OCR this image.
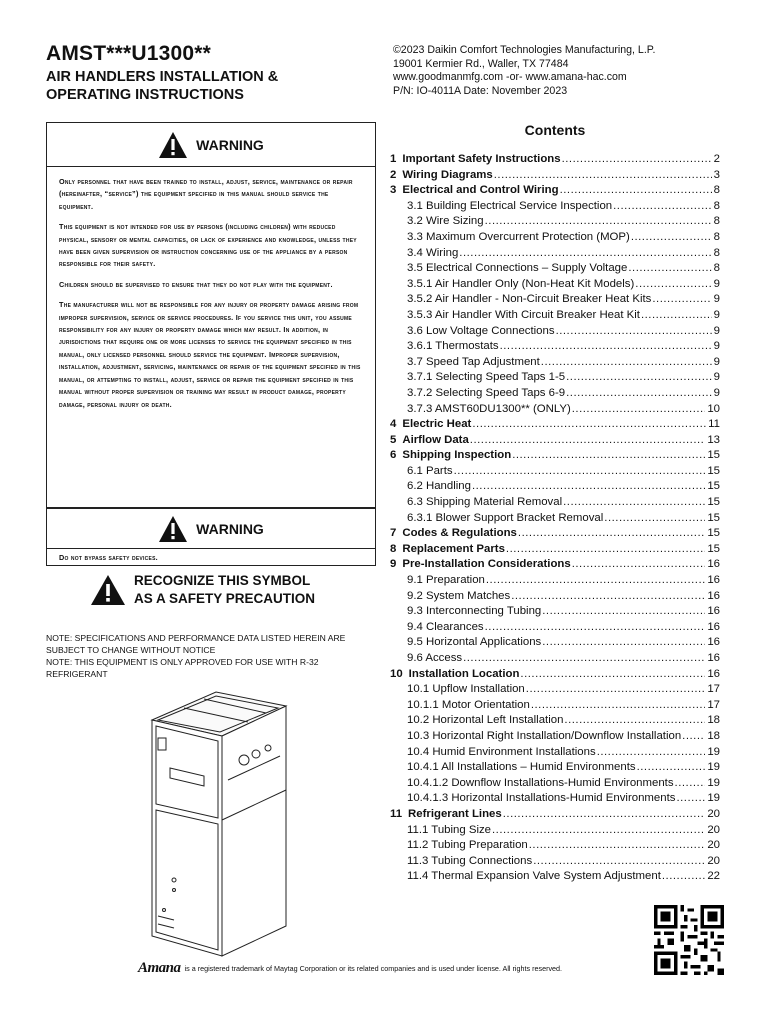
AMST***U1300**
AIR HANDLERS INSTALLATION &
OPERATING INSTRUCTIONS
©2023 Daikin Comfort Technologies Manufacturing, L.P.
19001 Kermier Rd., Waller, TX 77484
www.goodmanmfg.com -or- www.amana-hac.com
P/N: IO-4011A Date: November 2023
WARNING

Only personnel that have been trained to install, adjust, service, maintenance or repair (hereinafter, “service”) the equipment specified in this manual should service the equipment.

This equipment is not intended for use by persons (including children) with reduced physical, sensory or mental capacities, or lack of experience and knowledge, unless they have been given supervision or instruction concerning use of the appliance by a person responsible for their safety.

Children should be supervised to ensure that they do not play with the equipment.

The manufacturer will not be responsible for any injury or property damage arising from improper supervision, service or service procedures. If you service this unit, you assume responsibility for any injury or property damage which may result. In addition, in jurisdictions that require one or more licenses to service the equipment specified in this manual, only licensed personnel should service the equipment. Improper supervision, installation, adjustment, servicing, maintenance or repair of the equipment specified in this manual, or attempting to install, adjust, service or repair the equipment specified in this manual without proper supervision or training may result in product damage, property damage, personal injury or death.

WARNING

Do not bypass safety devices.

RECOGNIZE THIS SYMBOL
AS A SAFETY PRECAUTION
NOTE: SPECIFICATIONS AND PERFORMANCE DATA LISTED HEREIN ARE SUBJECT TO CHANGE WITHOUT NOTICE
NOTE: THIS EQUIPMENT IS ONLY APPROVED FOR USE WITH R-32 REFRIGERANT
Amana is a registered trademark of Maytag Corporation or its related companies and is used under license. All rights reserved.
Contents
1 Important Safety Instructions .....	2
2 Wiring Diagrams .....	3
3 Electrical and Control Wiring .....	8
3.1 Building Electrical Service Inspection .....	8
3.2 Wire Sizing .....	8
3.3 Maximum Overcurrent Protection (MOP) .....	8
3.4 Wiring .....	8
3.5 Electrical Connections – Supply Voltage .....	8
3.5.1 Air Handler Only (Non-Heat Kit Models) .....	9
3.5.2 Air Handler - Non-Circuit Breaker Heat Kits .....	9
3.5.3 Air Handler With Circuit Breaker Heat Kit .....	9
3.6 Low Voltage Connections .....	9
3.6.1 Thermostats .....	9
3.7 Speed Tap Adjustment .....	9
3.7.1 Selecting Speed Taps 1-5 .....	9
3.7.2 Selecting Speed Taps 6-9 .....	9
3.7.3 AMST60DU1300** (ONLY) .....	10
4 Electric Heat .....	11
5 Airflow Data .....	13
6 Shipping Inspection .....	15
6.1 Parts .....	15
6.2 Handling .....	15
6.3 Shipping Material Removal .....	15
6.3.1 Blower Support Bracket Removal .....	15
7 Codes & Regulations .....	15
8 Replacement Parts .....	15
9 Pre-Installation Considerations .....	16
9.1 Preparation .....	16
9.2 System Matches .....	16
9.3 Interconnecting Tubing .....	16
9.4 Clearances .....	16
9.5 Horizontal Applications .....	16
9.6 Access .....	16
10 Installation Location .....	16
10.1 Upflow Installation .....	17
10.1.1 Motor Orientation .....	17
10.2 Horizontal Left Installation .....	18
10.3 Horizontal Right Installation/Downflow Installation ..... 18
10.4 Humid Environment Installations .....	19
10.4.1 All Installations – Humid Environments .....	19
10.4.1.2 Downflow Installations-Humid Environments .....	19
10.4.1.3 Horizontal Installations-Humid Environments .....	19
11 Refrigerant Lines .....	20
11.1 Tubing Size .....	20
11.2 Tubing Preparation .....	20
11.3 Tubing Connections .....	20
11.4 Thermal Expansion Valve System Adjustment .....	22
